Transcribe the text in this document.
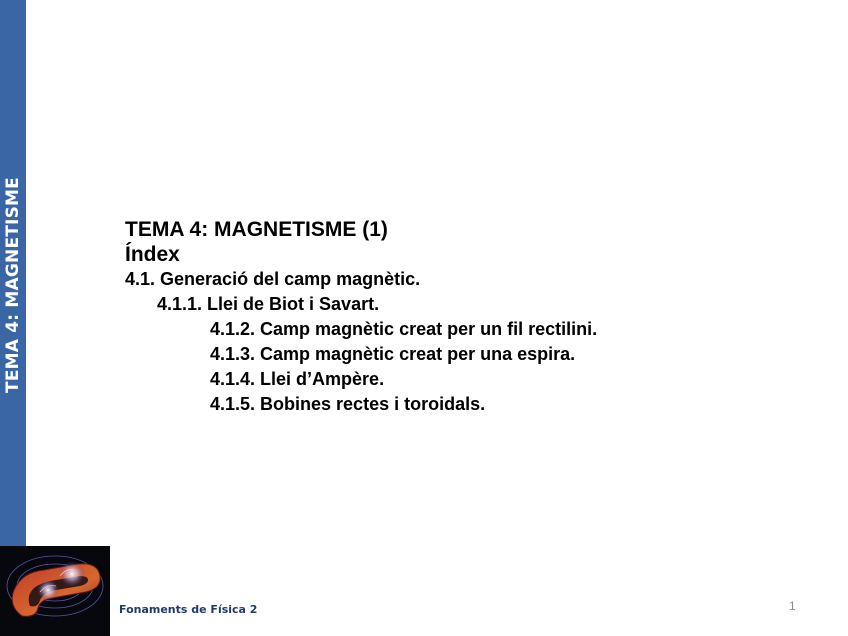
TEMA 4: MAGNETISME	TEMA 4: MAGNETISME (1)
Índex
4.1. Generació del camp magnètic.
4.1.1. Llei de Biot i Savart.
4.1.2. Camp magnètic creat per un fil rectilini.
4.1.3. Camp magnètic creat per una espira.
4.1.4. Llei d’Ampère.
4.1.5. Bobines rectes i toroidals.
Fonaments de Física 2	1
